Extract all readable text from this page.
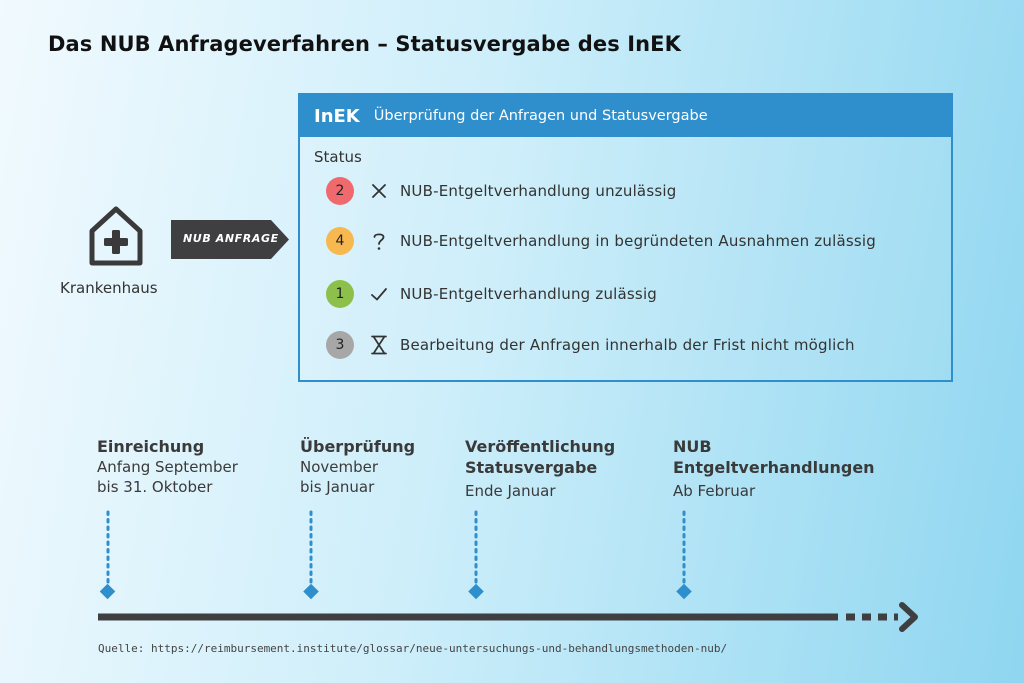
Das NUB Anfrageverfahren – Statusvergabe des InEK
Krankenhaus
NUB ANFRAGE
InEK Überprüfung der Anfragen und Statusvergabe
Status
2	NUB-Entgeltverhandlung unzulässig
4	NUB-Entgeltverhandlung in begründeten Ausnahmen zulässig
1	NUB-Entgeltverhandlung zulässig
3	Bearbeitung der Anfragen innerhalb der Frist nicht möglich
Einreichung
Anfang September
bis 31. Oktober
Überprüfung
November
bis Januar
Veröffentlichung
Statusvergabe
Ende Januar
NUB
Entgeltverhandlungen
Ab Februar
Quelle: https://reimbursement.institute/glossar/neue-untersuchungs-und-behandlungsmethoden-nub/
